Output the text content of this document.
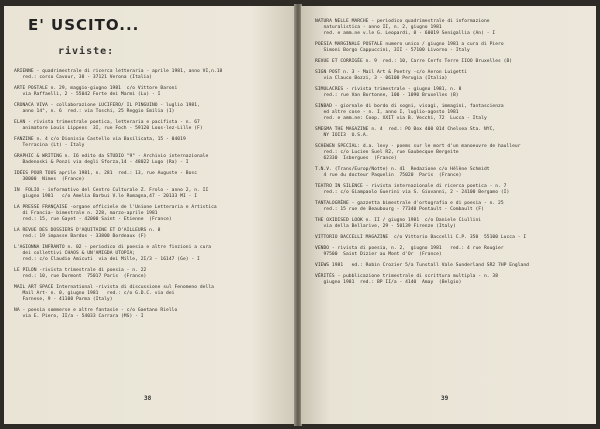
E' USCITO...
riviste:

ARIENNE - quadrimestrale di ricerca letteraria - aprile 1981, anno VI,n.18
red.: corso Cavour, 38 - 37121 Verona (Italia)

ARTE POSTALE n. 29, maggio-giugno 1981  c/o Vittore Baroni
via Raffaelli, 2 - 55042 Forte dei Marmi (Lu) - I

CRONACA VIVA - collaborazione LUCIFERO/ IL PINGUINO - luglio 1981,
anno 14°, n. 6  red.: via Toschi, 25 Reggio Emilia (I)

ELAN - rivista trimestrale poetica, letteraria e pacifista - n. 67
animatore Louis Lippens  3I, rue Foch - 59120 Loos-lez-Lille (F)

FANZINE n. 4 c/o Dionisio Castello via Basilicata, 15 - 04019
Terracina (Lt) - Italy

GRAPHIC & WRITING n. I6 edito da STUDIO "9" - Archivio internazionale
Badenoski & Ponzi via degli Sforza,14 - 48022 Lugo (Ra) - I

IDÉES POUR TOUS aprile 1981, n. 281  red.: 13, rue Auguste - Bosc
30000  Nimes  (France)

IN  FOLIO - informativo del Centro Culturale Z. Frolo - anno 2, n. II
giugno 1981   c/o Amelia Barbui V.le Romagna,47 - 20133 MI - I

LA PRESSE FRANÇAISE -organe officiele de l'Unione Letteraria e Artistica
di Francia- bimestrale n. 228, marzo-aprile 1981
red.: 15, rue Gayet - 42000 Saint - Etienne  (France)

LA REVUE DES DOSSIERS D'AQUITAINE ET D'AILLEURS n. 8
red.: 19 impasse Bardos - 33800 Bordeaux (F)

L'AGIONNA INFRANTO n. 02 - periodico di poesia e altre finzioni a cura
dei collettivi CHAOS & UN'AMIGDA UTOPIA;
red.: c/o Claudio Amicuti  via dei Mille, 2I/3 - 16147 (Ge) - I

LE PILON -rivista trimestrale di poesia - n. 22
red.: 10, rue Durmont  75017 Paris  (France)

MAIL ART SPACE International -rivista di discussione sul Fenomeno della
Mail Art- n. 0, giugno 1981   red.: c/o G.D.C. via dei
Farnese, 9 - 41100 Parma (Italy)

NA - poesia sommerse e altre fantasie - c/o Gaetano Riello
via E. Piero, II/a - 54033 Carrara (MS) - I

38

NATURA NELLE MARCHE - periodico quadrimestrale di informazione
naturalistica - anno II, n. 2, giugno 1981
red. e amm.ne v.le G. Leopardi, 8 - 60019 Senigallia (An) - I

POESIA MARGINALE POSTALE numero unico / giugno 1981 a cura di Piero
Simoni Borgo Cappuccini, 3II - 57100 Livorno - Italy

REVUE ET CORRIGÉE n. 9  red.: 10, Carre Cerfs Terre IIOO Bruxelles (B)

SIGN POST n. 3 - Mail Art & Poetry -c/o Aeron Luigetti
via Clauco Bozzi, 3 - 06100 Perugia (Italia)

SIMULACRES - rivista trimestrale - giugno 1981, n. 8
red.: rue Van Bortonne, 100 - 1090 Bruxelles (B)

SINBAD - giornale di bordo di sogni, visagi, immagini, fantascienza
ed altre cose - n. I, anno I, luglio-agosto 1981
red. e amm.ne: Coop. XXIT via B. Vecchi, 72  Lucca - Italy

SMEGMA THE MAGAZINE n. 4  red.: PO Box 400 014 Chelsea Sta. NYC,
NY IOII3  U.S.A.

SCHEWEN SPECIAL: d.a. levy - poems sur le mort d'un manoeuvre de haulleur
red.: c/o Lucien Suel R2, rue Gaubecque Bergeite
62330  Isbergues  (France)

T.N.V. (Trans/Europ/Notte) n. 41  Redazione c/o Hélène Schmidt
4 rue du docteur Paquelin  75020  Paris  (France)

TEATRO IN SILENCE - rivista internazionale di ricerca poetica - n. 7
red.: c/o Giampaolo Guerini via S. Giovanni, 2 - 24100 Bergamo (I)

TANTALOGRÈNE - gazzetta bimestrale d'ortografia e di poesia - n. 25
red.: 15 rue de Beaubourg - 77340 Pontault - Combault (F)

THE OXIDISED LOOK n. II / giugno 1981  c/o Daniele Ciullini
via della Bellarive, 29 - 50139 Firenze (Italy)

VITTORIO BACCELLI MAGAZINE  c/o Vittorio Baccelli C.P. 350  55100 Lucca - I

VENDO - rivista di poesia, n. 2,  giugno 1981   red.: 4 rue Rougier
97500  Saint Dizier au Mont d'Or  (France)

VIEWS 1981   ed.: Robin Crozier 5/a Tunstall Vale Sunderland SR2 7HP England

VÉRITÉS - pubblicazione trimestrale di scrittura multipla - n. 38
giugno 1981  red.: BP II/a - 4140  Amay  (Belgio)

39
